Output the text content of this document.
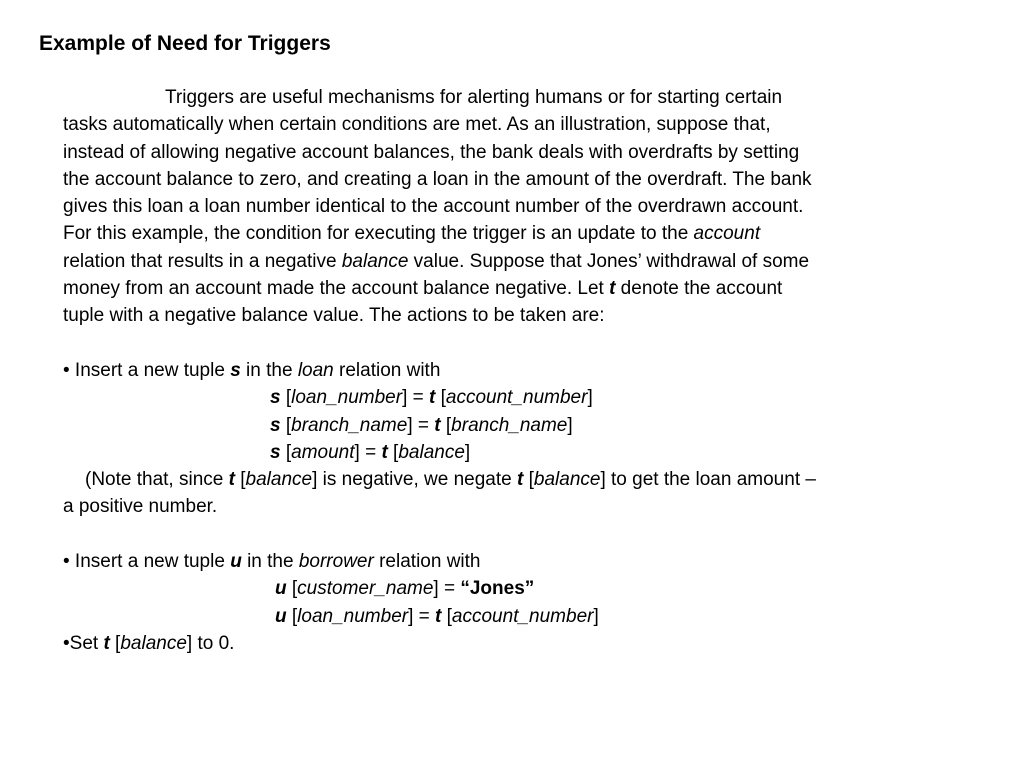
Example of Need for Triggers
Triggers are useful mechanisms for alerting humans or for starting certain
tasks automatically when certain conditions are met. As an illustration, suppose that,
instead of allowing negative account balances, the bank deals with overdrafts by setting
the account balance to zero, and creating a loan in the amount of the overdraft. The bank
gives this loan a loan number identical to the account number of the overdrawn account.
For this example, the condition for executing the trigger is an update to the account
relation that results in a negative balance value. Suppose that Jones’ withdrawal of some
money from an account made the account balance negative. Let t denote the account
tuple with a negative balance value. The actions to be taken are:
• Insert a new tuple s in the loan relation with
s [loan_number] = t [account_number]
s [branch_name] = t [branch_name]
s [amount] = t [balance]
(Note that, since t [balance] is negative, we negate t [balance] to get the loan amount –
a positive number.
• Insert a new tuple u in the borrower relation with
u [customer_name] = “Jones”
u [loan_number] = t [account_number]
•Set t [balance] to 0.
